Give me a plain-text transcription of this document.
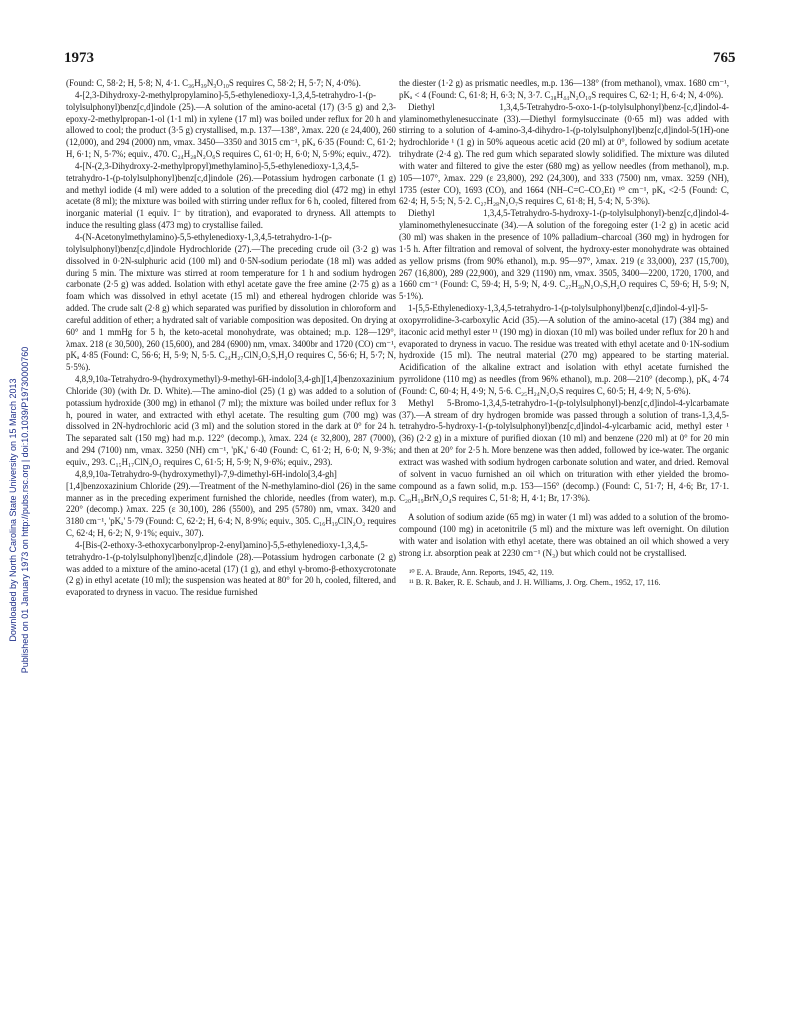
1973	765
Downloaded by North Carolina State University on 15 March 2013 Published on 01 January 1973 on http://pubs.rsc.org | doi:10.1039/P19730000760

(Found: C, 58·2; H, 5·8; N, 4·1. C₃₆H₃₉N₃O₁₀S requires C, 58·2; H, 5·7; N, 4·0%).

4-[2,3-Dihydroxy-2-methylpropylamino]-5,5-ethylenedioxy-1,3,4,5-tetrahydro-1-(p-tolylsulphonyl)benz[c,d]indole (25).—A solution of the amino-acetal (17) (3·5 g) and 2,3-epoxy-2-methylpropan-1-ol (1·1 ml) in xylene (17 ml) was boiled under reflux for 20 h and allowed to cool; the product (3·5 g) crystallised, m.p. 137—138°, λmax. 220 (ε 24,400), 260 (12,000), and 294 (2000) nm, νmax. 3450—3350 and 3015 cm⁻¹, pKₐ 6·35 (Found: C, 61·2; H, 6·1; N, 5·7%; equiv., 470. C₂₄H₂₈N₂O₆S requires C, 61·0; H, 6·0; N, 5·9%; equiv., 472).

4-[N-(2,3-Dihydroxy-2-methylpropyl)methylamino]-5,5-ethylenedioxy-1,3,4,5-tetrahydro-1-(p-tolylsulphonyl)benz[c,d]indole (26).—Potassium hydrogen carbonate (1 g) and methyl iodide (4 ml) were added to a solution of the preceding diol (472 mg) in ethyl acetate (8 ml); the mixture was boiled with stirring under reflux for 6 h, cooled, filtered from inorganic material (1 equiv. I⁻ by titration), and evaporated to dryness. All attempts to induce the resulting glass (473 mg) to crystallise failed.

4-(N-Acetonylmethylamino)-5,5-ethylenedioxy-1,3,4,5-tetrahydro-1-(p-tolylsulphonyl)benz[c,d]indole Hydrochloride (27).—The preceding crude oil (3·2 g) was dissolved in 0·2N-sulphuric acid (100 ml) and 0·5N-sodium periodate (18 ml) was added during 5 min. The mixture was stirred at room temperature for 1 h and sodium hydrogen carbonate (2·5 g) was added. Isolation with ethyl acetate gave the free amine (2·75 g) as a foam which was dissolved in ethyl acetate (15 ml) and ethereal hydrogen chloride was added. The crude salt (2·8 g) which separated was purified by dissolution in chloroform and careful addition of ether; a hydrated salt of variable composition was deposited. On drying at 60° and 1 mmHg for 5 h, the keto-acetal monohydrate, was obtained; m.p. 128—129°, λmax. 218 (ε 30,500), 260 (15,600), and 284 (6900) nm, νmax. 3400br and 1720 (CO) cm⁻¹, pKₐ 4·85 (Found: C, 56·6; H, 5·9; N, 5·5. C₂₄H₂₇ClN₂O₅S,H₂O requires C, 56·6; H, 5·7; N, 5·5%).

4,8,9,10a-Tetrahydro-9-(hydroxymethyl)-9-methyl-6H-indolo[3,4-gh][1,4]benzoxazinium Chloride (30) (with Dr. D. White).—The amino-diol (25) (1 g) was added to a solution of potassium hydroxide (300 mg) in ethanol (7 ml); the mixture was boiled under reflux for 3 h, poured in water, and extracted with ethyl acetate. The resulting gum (700 mg) was dissolved in 2N-hydrochloric acid (3 ml) and the solution stored in the dark at 0° for 24 h. The separated salt (150 mg) had m.p. 122° (decomp.), λmax. 224 (ε 32,800), 287 (7000), and 294 (7100) nm, νmax. 3250 (NH) cm⁻¹, 'pKₐ' 6·40 (Found: C, 61·2; H, 6·0; N, 9·3%; equiv., 293. C₁₅H₁₇ClN₂O₂ requires C, 61·5; H, 5·9; N, 9·6%; equiv., 293).

4,8,9,10a-Tetrahydro-9-(hydroxymethyl)-7,9-dimethyl-6H-indolo[3,4-gh][1,4]benzoxazinium Chloride (29).—Treatment of the N-methylamino-diol (26) in the same manner as in the preceding experiment furnished the chloride, needles (from water), m.p. 220° (decomp.) λmax. 225 (ε 30,100), 286 (5500), and 295 (5780) nm, νmax. 3420 and 3180 cm⁻¹, 'pKₐ' 5·79 (Found: C, 62·2; H, 6·4; N, 8·9%; equiv., 305. C₁₆H₁₉ClN₂O₂ requires C, 62·4; H, 6·2; N, 9·1%; equiv., 307).

4-[Bis-(2-ethoxy-3-ethoxycarbonylprop-2-enyl)amino]-5,5-ethylenedioxy-1,3,4,5-tetrahydro-1-(p-tolylsulphonyl)benz[c,d]indole (28).—Potassium hydrogen carbonate (2 g) was added to a mixture of the amino-acetal (17) (1 g), and ethyl γ-bromo-β-ethoxycrotonate (2 g) in ethyl acetate (10 ml); the suspension was heated at 80° for 20 h, cooled, filtered, and evaporated to dryness in vacuo. The residue furnished

the diester (1·2 g) as prismatic needles, m.p. 136—138° (from methanol), νmax. 1680 cm⁻¹, pKₐ < 4 (Found: C, 61·8; H, 6·3; N, 3·7. C₃₈H₄₄N₂O₁₀S requires C, 62·1; H, 6·4; N, 4·0%).

Diethyl 1,3,4,5-Tetrahydro-5-oxo-1-(p-tolylsulphonyl)benz-[c,d]indol-4-ylaminomethylenesuccinate (33).—Diethyl formylsuccinate (0·65 ml) was added with stirring to a solution of 4-amino-3,4-dihydro-1-(p-tolylsulphonyl)benz[c,d]indol-5(1H)-one hydrochloride ¹ (1 g) in 50% aqueous acetic acid (20 ml) at 0°, followed by sodium acetate trihydrate (2·4 g). The red gum which separated slowly solidified. The mixture was diluted with water and filtered to give the ester (680 mg) as yellow needles (from methanol), m.p. 105—107°, λmax. 229 (ε 23,800), 292 (24,300), and 333 (7500) nm, νmax. 3259 (NH), 1735 (ester CO), 1693 (CO), and 1664 (NH–C=C–CO₂Et) ¹⁰ cm⁻¹, pKₐ <2·5 (Found: C, 62·4; H, 5·5; N, 5·2. C₂₇H₂₈N₂O₇S requires C, 61·8; H, 5·4; N, 5·3%).

Diethyl 1,3,4,5-Tetrahydro-5-hydroxy-1-(p-tolylsulphonyl)-benz[c,d]indol-4-ylaminomethylenesuccinate (34).—A solution of the foregoing ester (1·2 g) in acetic acid (30 ml) was shaken in the presence of 10% palladium–charcoal (360 mg) in hydrogen for 1·5 h. After filtration and removal of solvent, the hydroxy-ester monohydrate was obtained as yellow prisms (from 90% ethanol), m.p. 95—97°, λmax. 219 (ε 33,000), 237 (15,700), 267 (16,800), 289 (22,900), and 329 (1190) nm, νmax. 3505, 3400—2200, 1720, 1700, and 1660 cm⁻¹ (Found: C, 59·4; H, 5·9; N, 4·9. C₂₇H₃₀N₂O₇S,H₂O requires C, 59·6; H, 5·9; N, 5·1%).

1-[5,5-Ethylenedioxy-1,3,4,5-tetrahydro-1-(p-tolylsulphonyl)benz[c,d]indol-4-yl]-5-oxopyrrolidine-3-carboxylic Acid (35).—A solution of the amino-acetal (17) (384 mg) and itaconic acid methyl ester ¹¹ (190 mg) in dioxan (10 ml) was boiled under reflux for 20 h and evaporated to dryness in vacuo. The residue was treated with ethyl acetate and 0·1N-sodium hydroxide (15 ml). The neutral material (270 mg) appeared to be starting material. Acidification of the alkaline extract and isolation with ethyl acetate furnished the pyrrolidone (110 mg) as needles (from 96% ethanol), m.p. 208—210° (decomp.), pKₐ 4·74 (Found: C, 60·4; H, 4·9; N, 5·6. C₂₅H₂₄N₂O₇S requires C, 60·5; H, 4·9; N, 5·6%).

Methyl 5-Bromo-1,3,4,5-tetrahydro-1-(p-tolylsulphonyl)-benz[c,d]indol-4-ylcarbamate (37).—A stream of dry hydrogen bromide was passed through a solution of trans-1,3,4,5-tetrahydro-5-hydroxy-1-(p-tolylsulphonyl)benz[c,d]indol-4-ylcarbamic acid, methyl ester ¹ (36) (2·2 g) in a mixture of purified dioxan (10 ml) and benzene (220 ml) at 0° for 20 min and then at 20° for 2·5 h. More benzene was then added, followed by ice-water. The organic extract was washed with sodium hydrogen carbonate solution and water, and dried. Removal of solvent in vacuo furnished an oil which on trituration with ether yielded the bromo-compound as a fawn solid, m.p. 153—156° (decomp.) (Found: C, 51·7; H, 4·6; Br, 17·1. C₂₀H₁₉BrN₂O₄S requires C, 51·8; H, 4·1; Br, 17·3%).

A solution of sodium azide (65 mg) in water (1 ml) was added to a solution of the bromo-compound (100 mg) in acetonitrile (5 ml) and the mixture was left overnight. On dilution with water and isolation with ethyl acetate, there was obtained an oil which showed a very strong i.r. absorption peak at 2230 cm⁻¹ (N₃) but which could not be crystallised.

¹⁰ E. A. Braude, Ann. Reports, 1945, 42, 119.

¹¹ B. R. Baker, R. E. Schaub, and J. H. Williams, J. Org. Chem., 1952, 17, 116.
